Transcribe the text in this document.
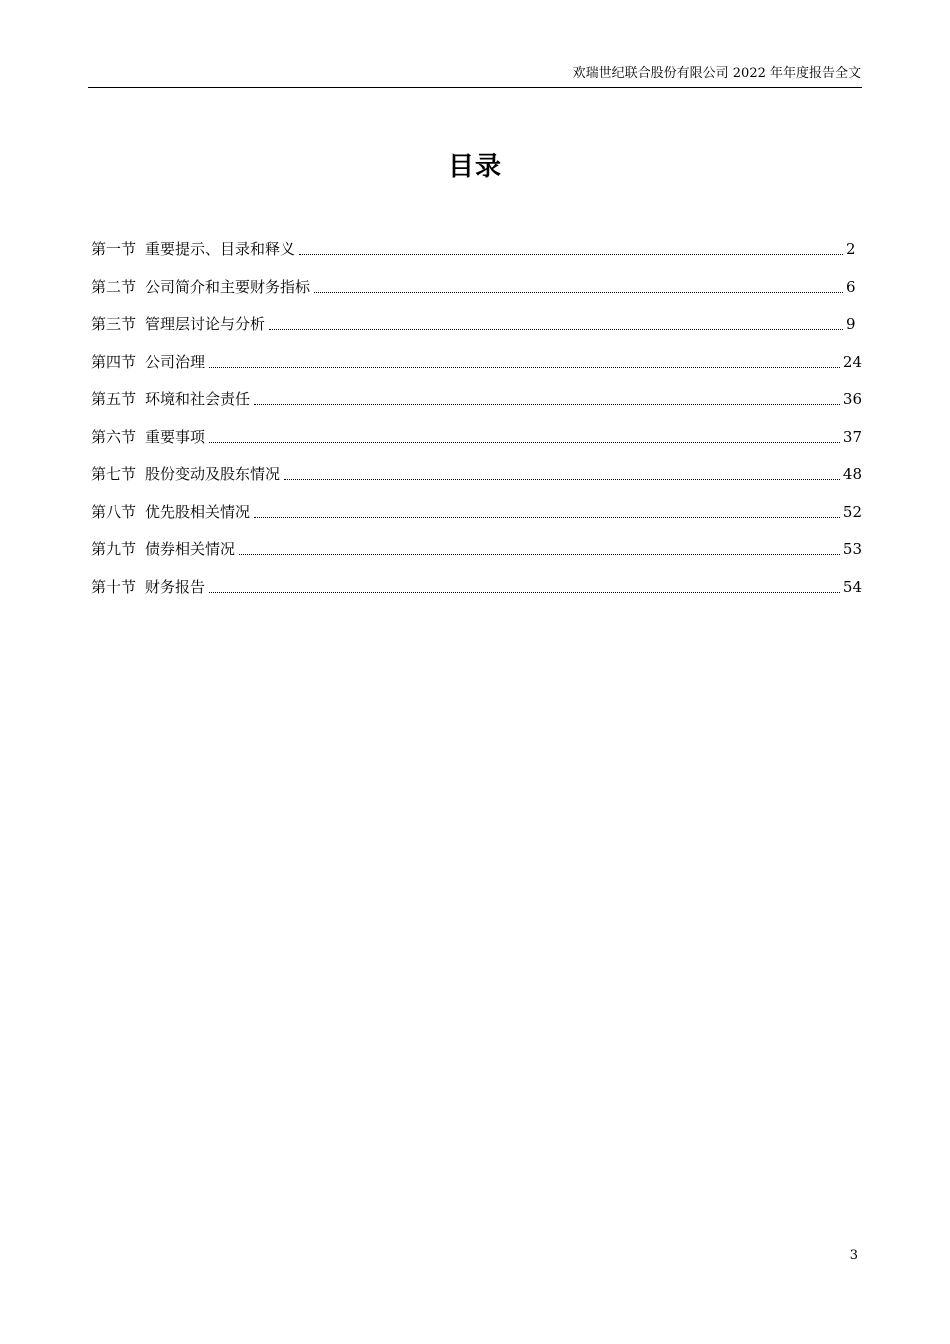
欢瑞世纪联合股份有限公司 2022 年年度报告全文
目录
第一节 重要提示、目录和释义	2
第二节 公司简介和主要财务指标	6
第三节 管理层讨论与分析	9
第四节 公司治理	24
第五节 环境和社会责任	36
第六节 重要事项	37
第七节 股份变动及股东情况	48
第八节 优先股相关情况	52
第九节 债券相关情况	53
第十节 财务报告	54
3
